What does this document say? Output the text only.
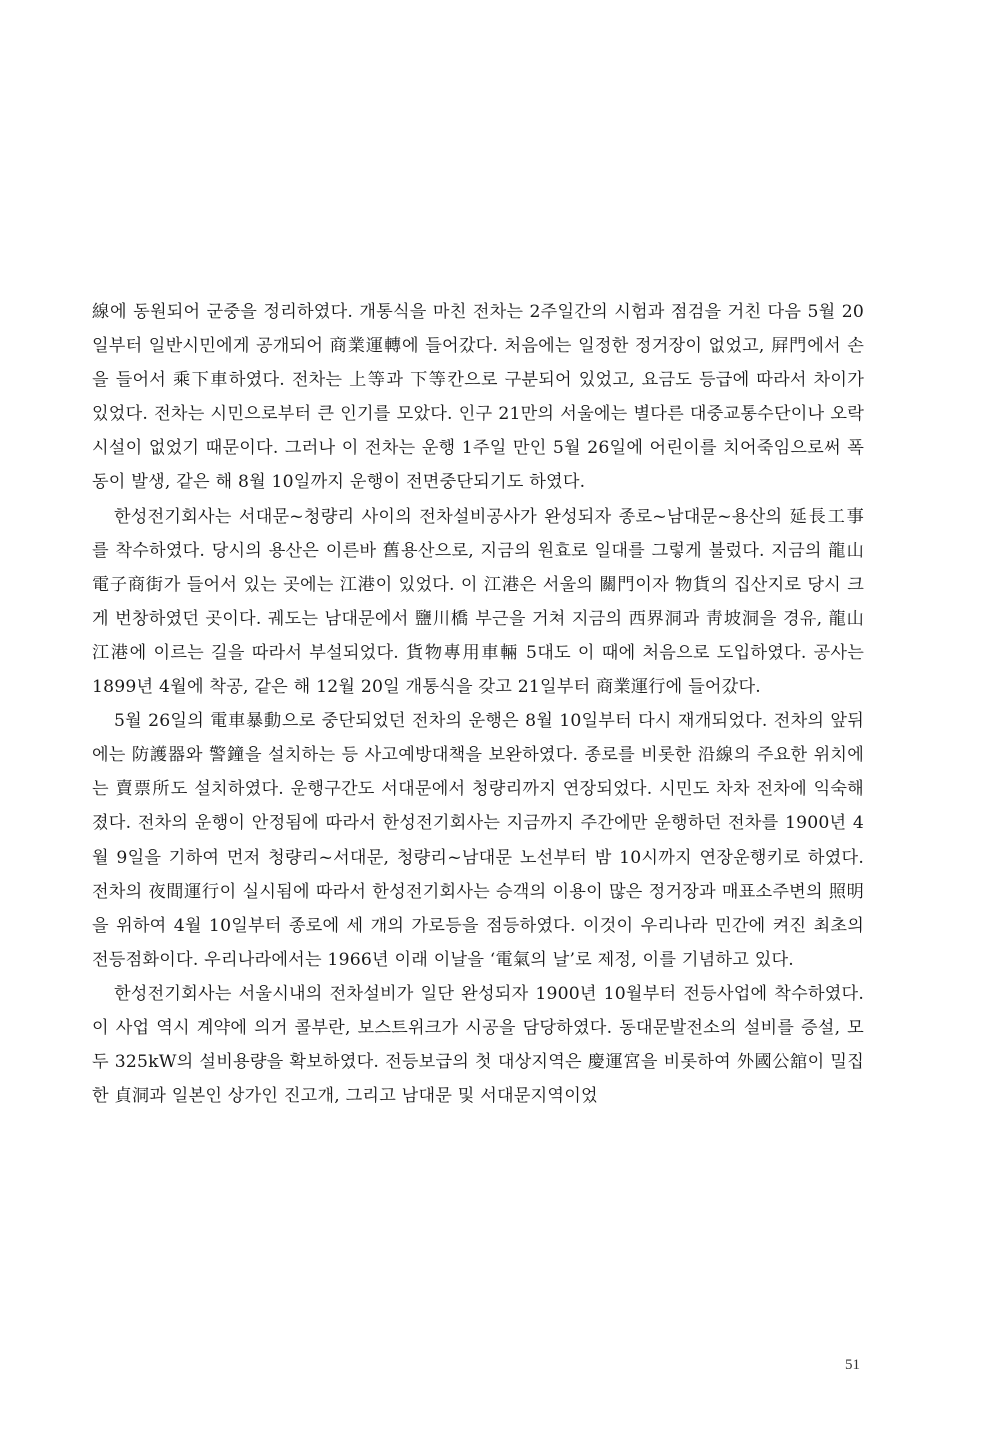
線에 동원되어 군중을 정리하였다. 개통식을 마친 전차는 2주일간의 시험과 점검을 거친 다음 5월 20일부터 일반시민에게 공개되어 商業運轉에 들어갔다. 처음에는 일정한 정거장이 없었고, 屛門에서 손을 들어서 乘下車하였다. 전차는 上等과 下等칸으로 구분되어 있었고, 요금도 등급에 따라서 차이가 있었다. 전차는 시민으로부터 큰 인기를 모았다. 인구 21만의 서울에는 별다른 대중교통수단이나 오락시설이 없었기 때문이다. 그러나 이 전차는 운행 1주일 만인 5월 26일에 어린이를 치어죽임으로써 폭동이 발생, 같은 해 8월 10일까지 운행이 전면중단되기도 하였다.

한성전기회사는 서대문~청량리 사이의 전차설비공사가 완성되자 종로~남대문~용산의 延長工事를 착수하였다. 당시의 용산은 이른바 舊용산으로, 지금의 원효로 일대를 그렇게 불렀다. 지금의 龍山電子商街가 들어서 있는 곳에는 江港이 있었다. 이 江港은 서울의 關門이자 物貨의 집산지로 당시 크게 번창하였던 곳이다. 궤도는 남대문에서 鹽川橋 부근을 거쳐 지금의 西界洞과 靑坡洞을 경유, 龍山江港에 이르는 길을 따라서 부설되었다. 貨物專用車輛 5대도 이 때에 처음으로 도입하였다. 공사는 1899년 4월에 착공, 같은 해 12월 20일 개통식을 갖고 21일부터 商業運行에 들어갔다.

5월 26일의 電車暴動으로 중단되었던 전차의 운행은 8월 10일부터 다시 재개되었다. 전차의 앞뒤에는 防護器와 警鐘을 설치하는 등 사고예방대책을 보완하였다. 종로를 비롯한 沿線의 주요한 위치에는 賣票所도 설치하였다. 운행구간도 서대문에서 청량리까지 연장되었다. 시민도 차차 전차에 익숙해졌다. 전차의 운행이 안정됨에 따라서 한성전기회사는 지금까지 주간에만 운행하던 전차를 1900년 4월 9일을 기하여 먼저 청량리~서대문, 청량리~남대문 노선부터 밤 10시까지 연장운행키로 하였다. 전차의 夜間運行이 실시됨에 따라서 한성전기회사는 승객의 이용이 많은 정거장과 매표소주변의 照明을 위하여 4월 10일부터 종로에 세 개의 가로등을 점등하였다. 이것이 우리나라 민간에 켜진 최초의 전등점화이다. 우리나라에서는 1966년 이래 이날을 ‘電氣의 날’로 제정, 이를 기념하고 있다.

한성전기회사는 서울시내의 전차설비가 일단 완성되자 1900년 10월부터 전등사업에 착수하였다. 이 사업 역시 계약에 의거 콜부란, 보스트위크가 시공을 담당하였다. 동대문발전소의 설비를 증설, 모두 325kW의 설비용량을 확보하였다. 전등보급의 첫 대상지역은 慶運宮을 비롯하여 外國公舘이 밀집한 貞洞과 일본인 상가인 진고개, 그리고 남대문 및 서대문지역이었

51
